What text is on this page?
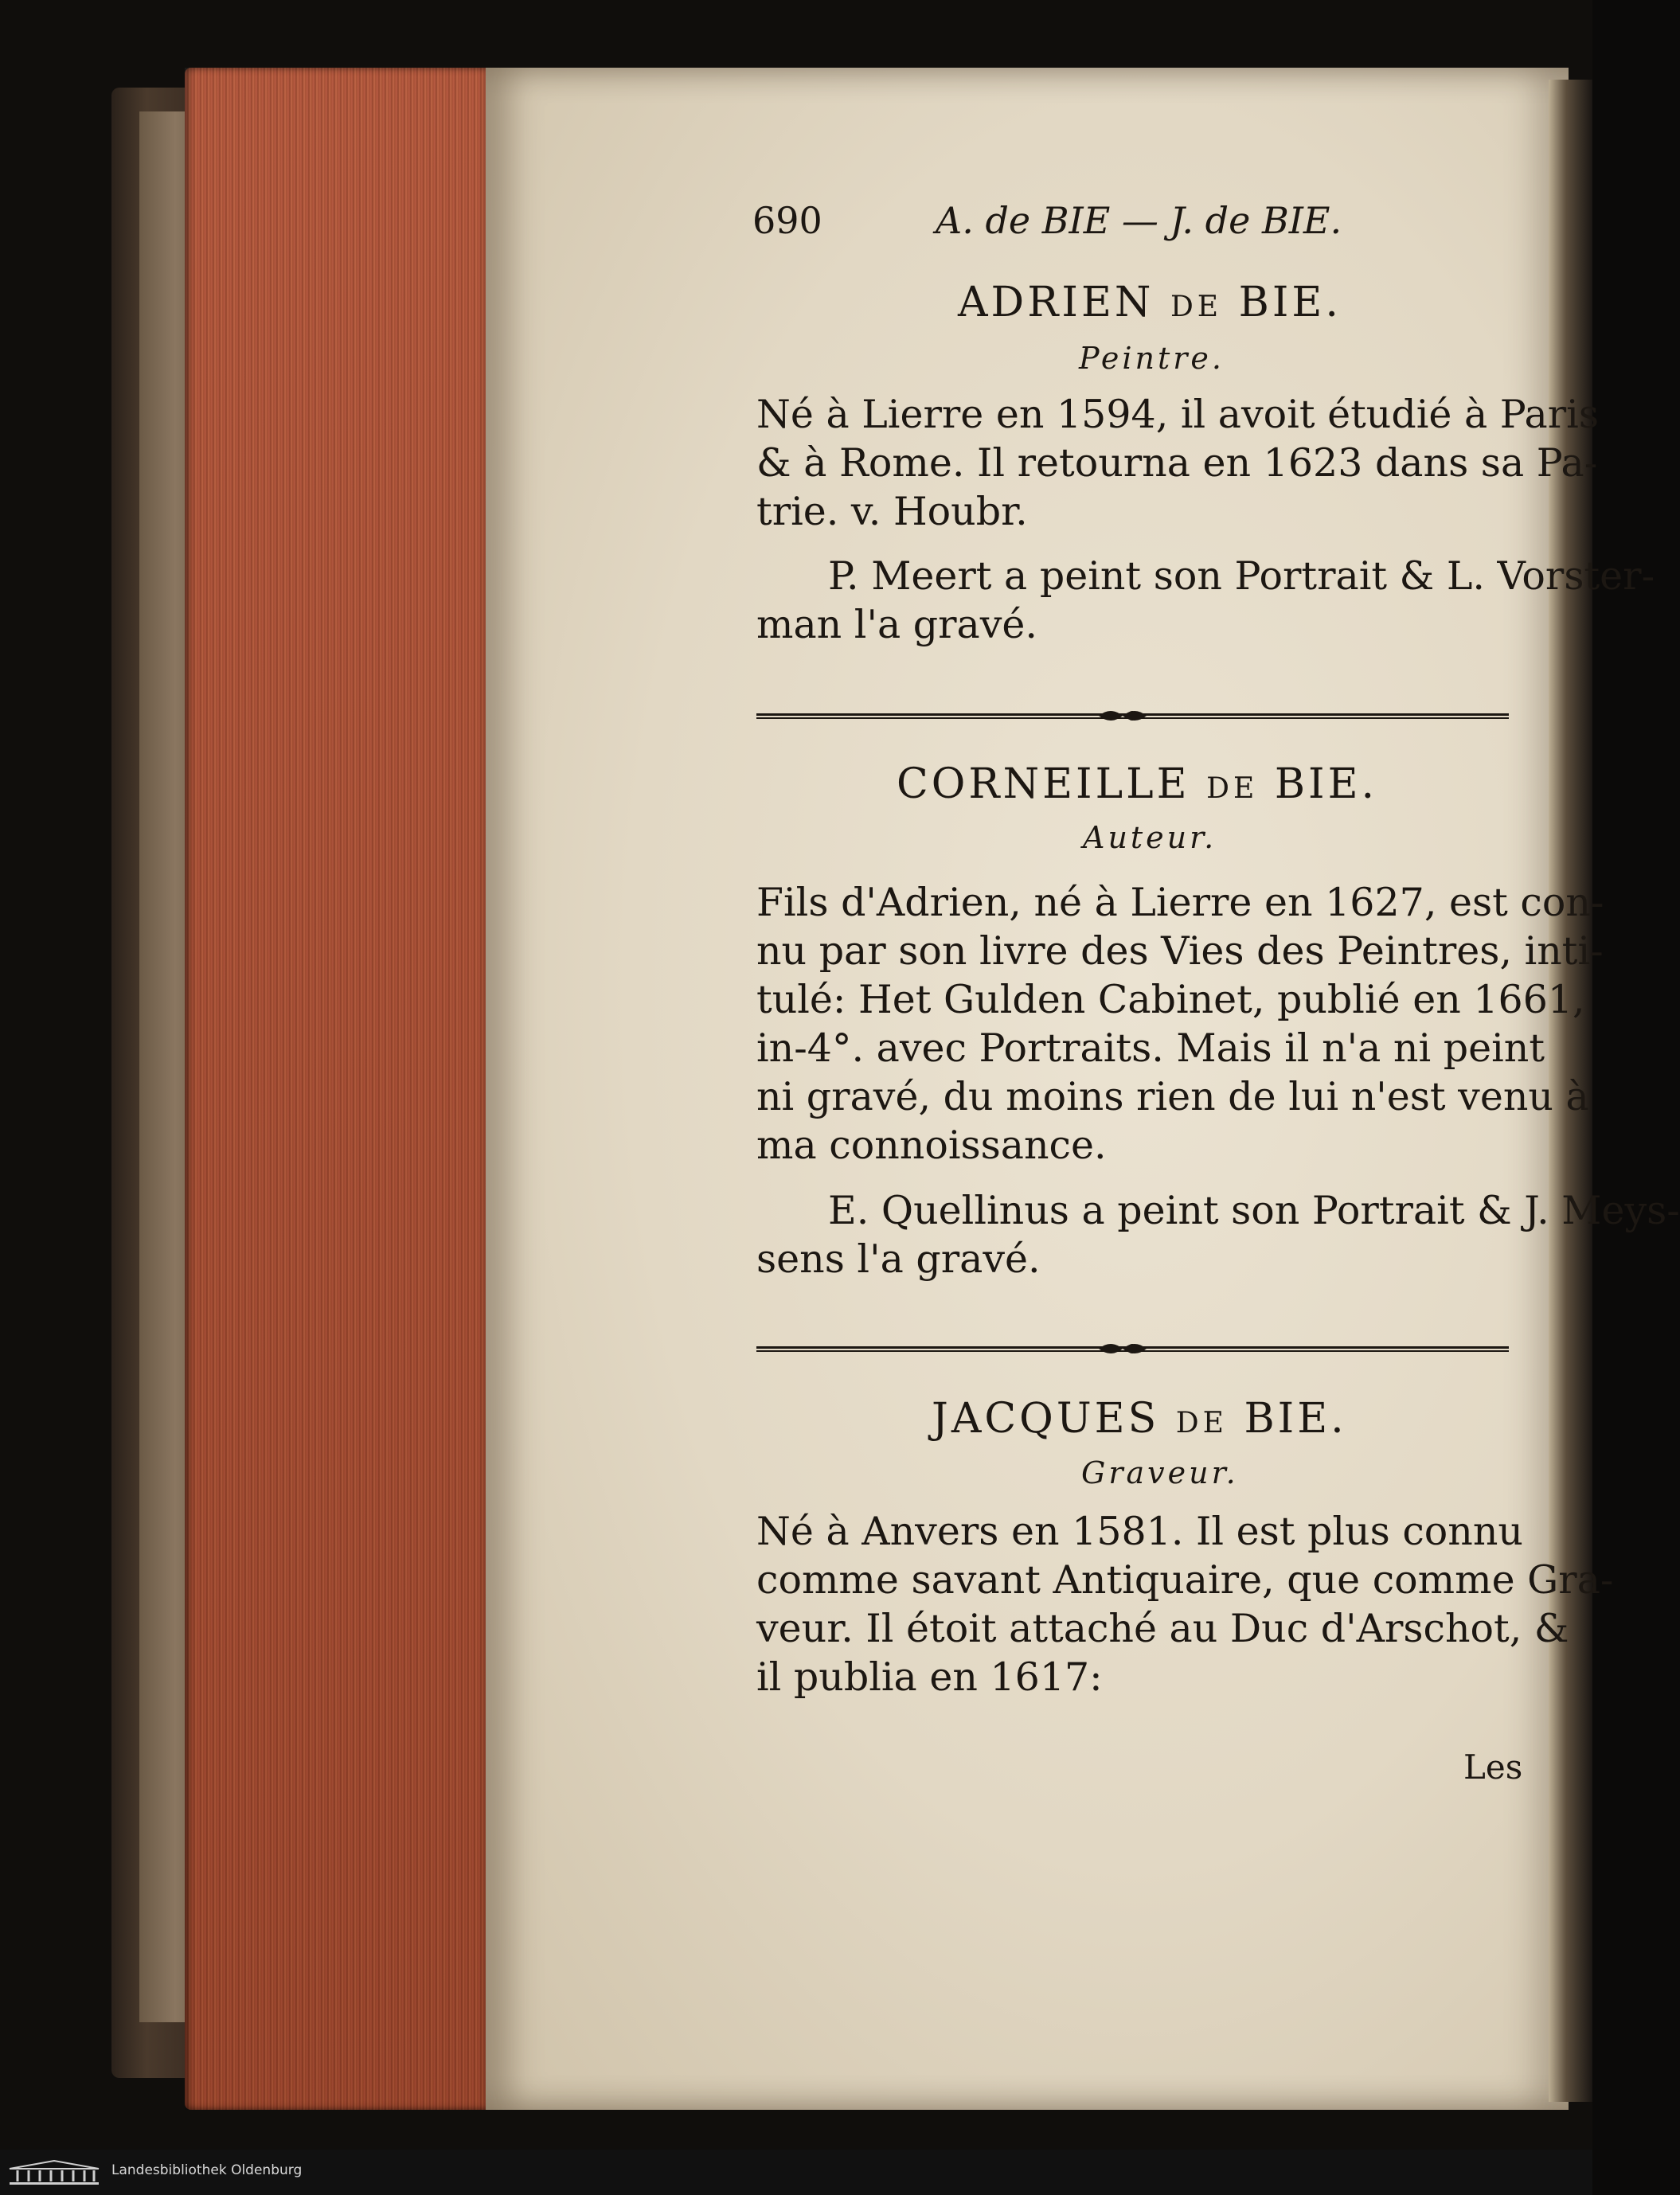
690	A. de BIE — J. de BIE.
ADRIEN DE BIE.
Peintre.
Né à Lierre en 1594, il avoit étudié à Paris
& à Rome. Il retourna en 1623 dans sa Pa-
trie. v. Houbr.
P. Meert a peint son Portrait & L. Vorster-
man l'a gravé.
CORNEILLE DE BIE.
Auteur.
Fils d'Adrien, né à Lierre en 1627, est con-
nu par son livre des Vies des Peintres, inti-
tulé: Het Gulden Cabinet, publié en 1661,
in-4°. avec Portraits. Mais il n'a ni peint
ni gravé, du moins rien de lui n'est venu à
ma connoissance.
E. Quellinus a peint son Portrait & J. Meys-
sens l'a gravé.
JACQUES DE BIE.
Graveur.
Né à Anvers en 1581. Il est plus connu
comme savant Antiquaire, que comme Gra-
veur. Il étoit attaché au Duc d'Arschot, &
il publia en 1617:
Les
Landesbibliothek Oldenburg
